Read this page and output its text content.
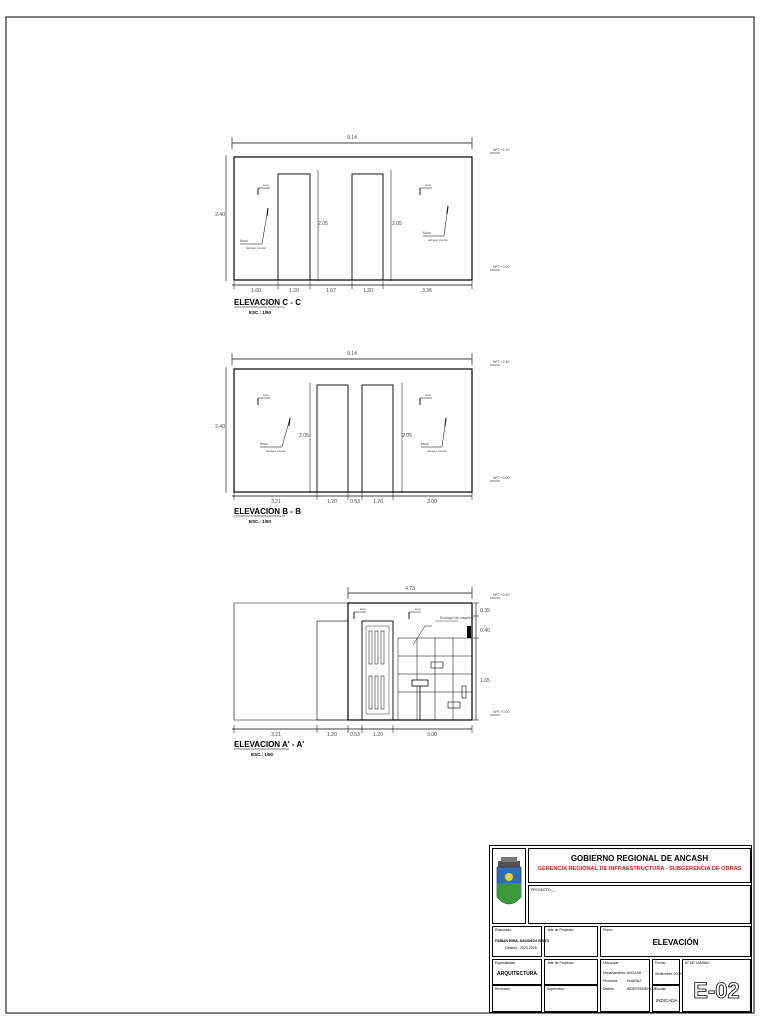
9.14
2.40
2.05	2.05
losa	losa
Muro
tarrajeo interior
Muro
tarrajeo interior
1.60	1.20	1.67	1.20	3.36
NPT.+2.40
NPT.+0.00
ELEVACION C - C
ESC.: 1/50
9.14
2.40
2.05	2.05
losa	losa
Muro
tarrajeo interior
Muro
tarrajeo interior
3.21	1.20	0.53	1.20	3.00
NPT.+2.40
NPT.+0.00
ELEVACION B - B
ESC.: 1/50
4.73
Enchape de mayólica
losa	losa	0.35
0.40
1.65
3.21	1.20	0.53	1.20	3.00
NPT.+2.40
NPT.+0.00
ELEVACION A' - A'
ESC.: 1/50
GOBIERNO REGIONAL DE ANCASH
GERENCIA REGIONAL DE INFRAESTRUCTURA - SUBGERENCIA DE OBRAS
PROYECTO: __
Elaborado:
FABIAN RIMA, NAVIDEZA BRITO
Gestión : 2023-2026
Jefe de Proyecto:	Plano:
ELEVACIÓN
Especialidad:
ARQUITECTURA
Revisado:
Jefe de Proyecto:
Supervisor:
Ubicación:
Departamento : ANCASH
Provincia : HUARAZ
Distrito	: INDEPENDENCIA
Fecha:
Setiembre 2024
Escala:
INDICADA
N° DE LAMINA:
E-02
